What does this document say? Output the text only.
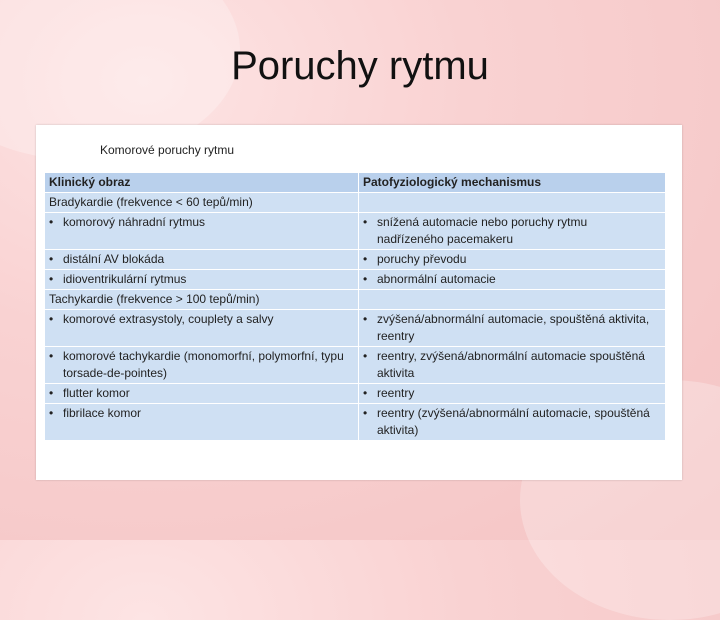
Poruchy rytmu
Komorové poruchy rytmu
Klinický obraz	Patofyziologický mechanismus
Bradykardie (frekvence < 60 tepů/min)	
• komorový náhradní rytmus	• snížená automacie nebo poruchy rytmu nadřízeného pacemakeru
• distální AV blokáda	• poruchy převodu
• idioventrikulární rytmus	• abnormální automacie
Tachykardie (frekvence > 100 tepů/min)	
• komorové extrasystoly, couplety a salvy	• zvýšená/abnormální automacie, spouštěná aktivita, reentry
• komorové tachykardie (monomorfní, polymorfní, typu torsade-de-pointes)	• reentry, zvýšená/abnormální automacie spouštěná aktivita
• flutter komor	• reentry
• fibrilace komor	• reentry (zvýšená/abnormální automacie, spouštěná aktivita)
